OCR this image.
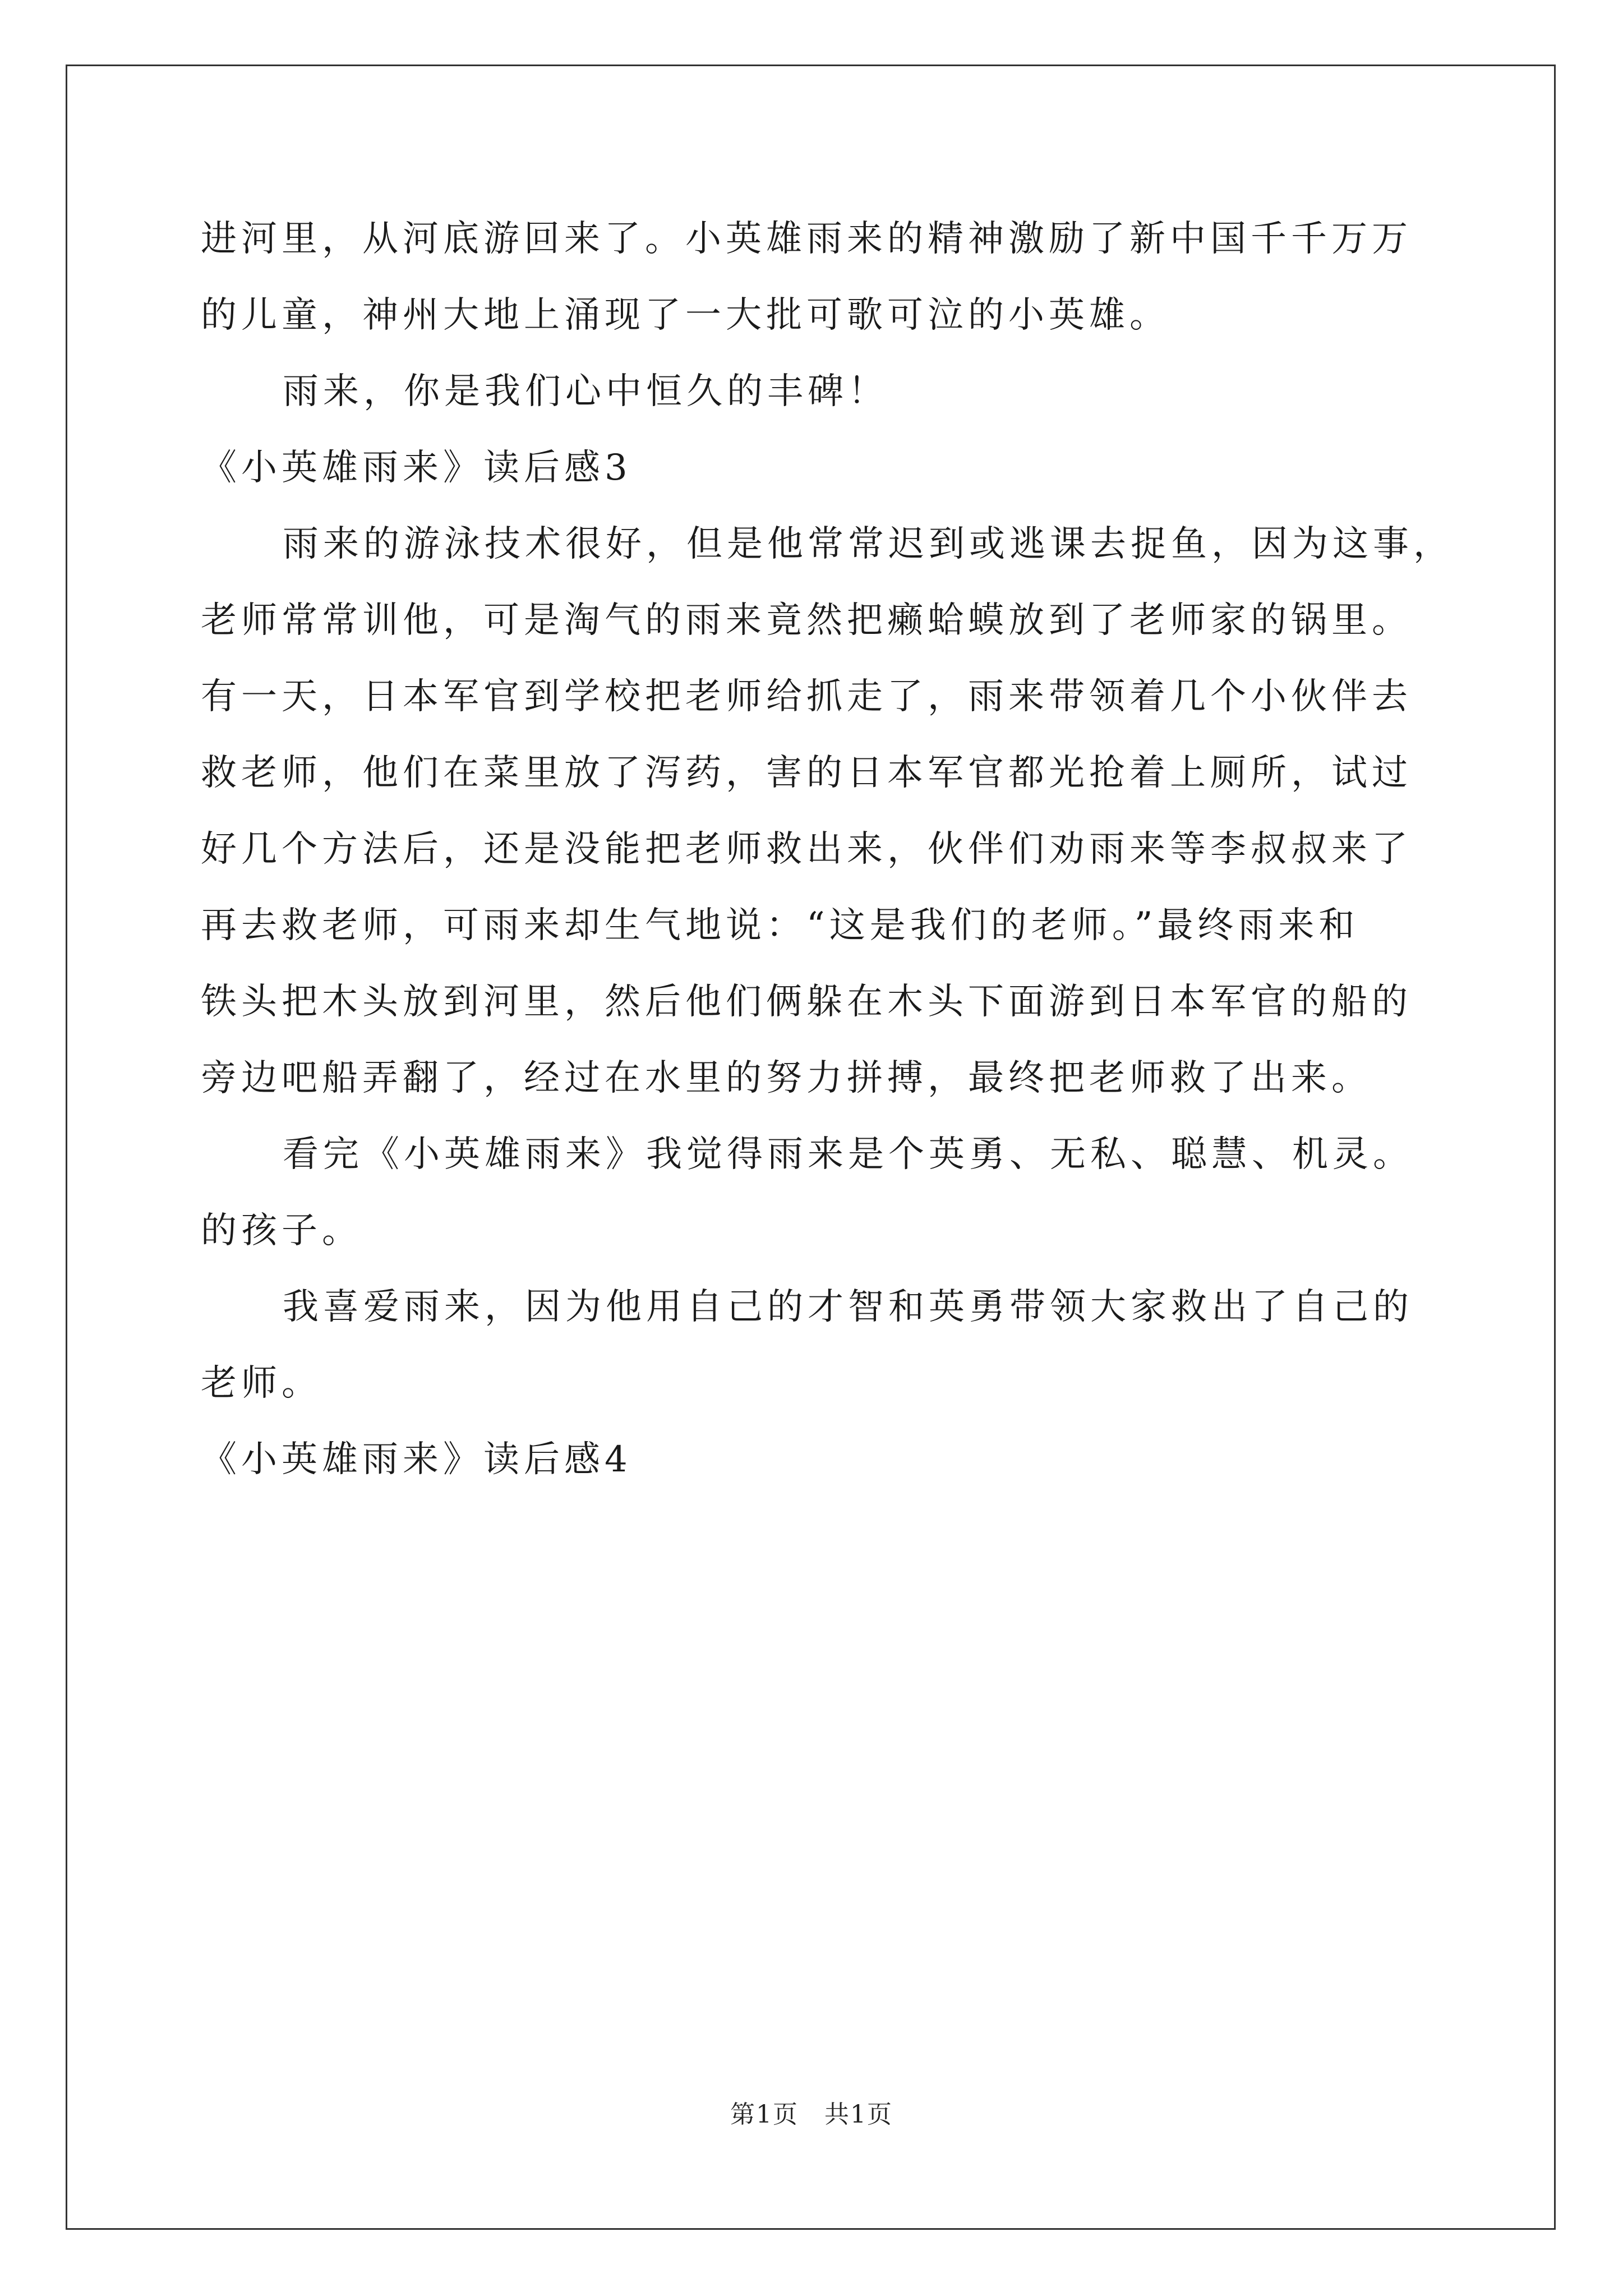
进河里，从河底游回来了。小英雄雨来的精神激励了新中国千千万万
的儿童，神州大地上涌现了一大批可歌可泣的小英雄。
雨来，你是我们心中恒久的丰碑！
《小英雄雨来》读后感3
雨来的游泳技术很好，但是他常常迟到或逃课去捉鱼，因为这事，
老师常常训他，可是淘气的雨来竟然把癞蛤蟆放到了老师家的锅里。
有一天，日本军官到学校把老师给抓走了，雨来带领着几个小伙伴去
救老师，他们在菜里放了泻药，害的日本军官都光抢着上厕所，试过
好几个方法后，还是没能把老师救出来，伙伴们劝雨来等李叔叔来了
再去救老师，可雨来却生气地说：“这是我们的老师。”最终雨来和
铁头把木头放到河里，然后他们俩躲在木头下面游到日本军官的船的
旁边吧船弄翻了，经过在水里的努力拼搏，最终把老师救了出来。
看完《小英雄雨来》我觉得雨来是个英勇、无私、聪慧、机灵。
的孩子。
我喜爱雨来，因为他用自己的才智和英勇带领大家救出了自己的
老师。
《小英雄雨来》读后感4
第1页　共1页
